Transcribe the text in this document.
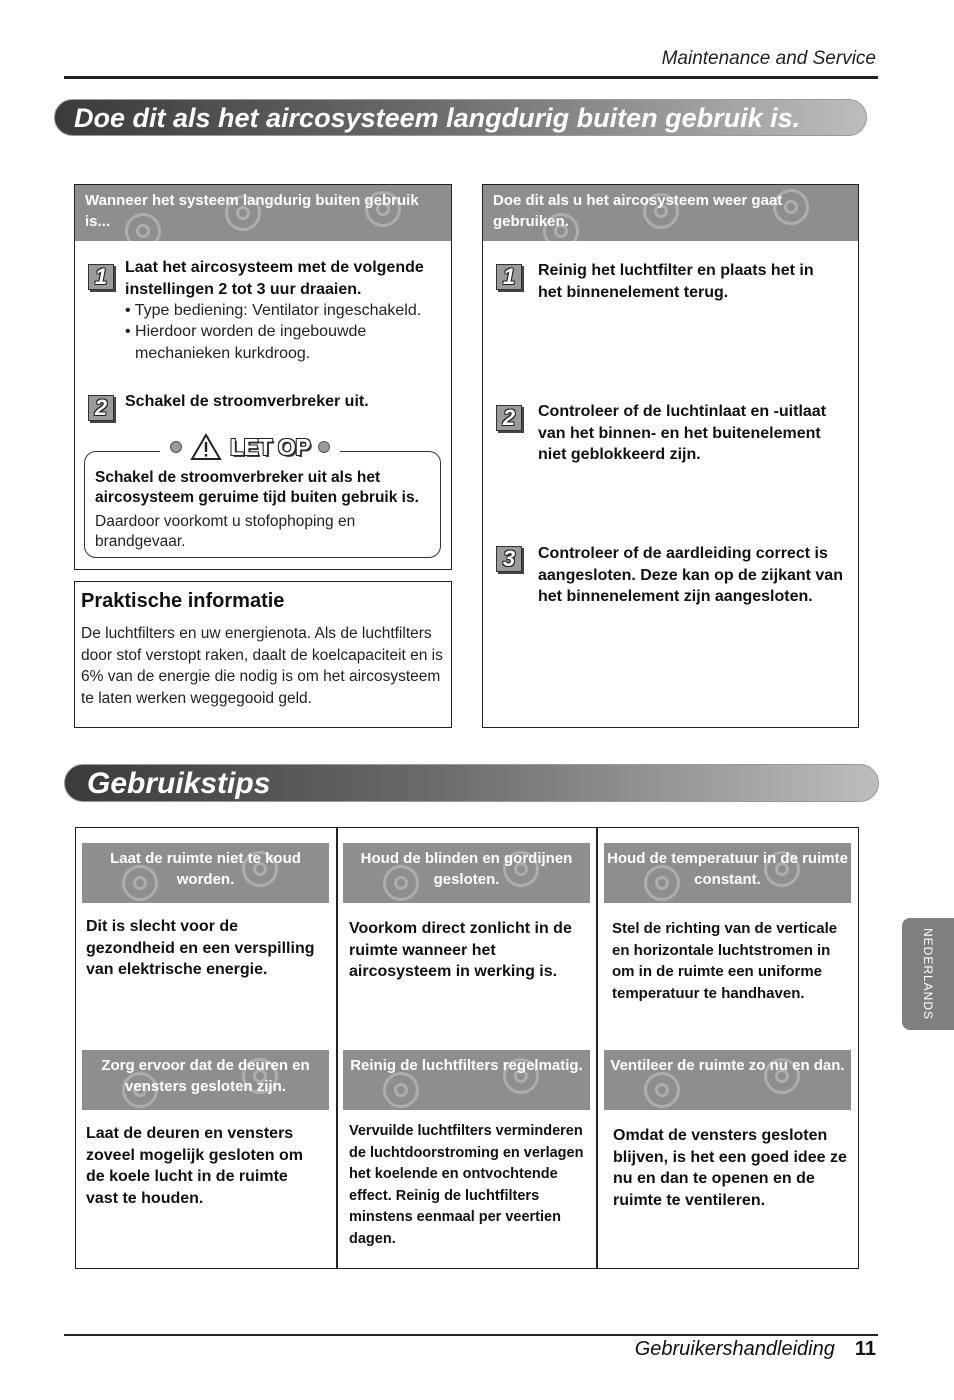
Maintenance and Service
Doe dit als het aircosysteem langdurig buiten gebruik is.
Wanneer het systeem langdurig buiten gebruik is...
1	Laat het aircosysteem met de volgende instellingen 2 tot 3 uur draaien.
• Type bediening: Ventilator ingeschakeld.
• Hierdoor worden de ingebouwde mechanieken kurkdroog.
2	Schakel de stroomverbreker uit.
LET OP
Schakel de stroomverbreker uit als het aircosysteem geruime tijd buiten gebruik is.
Daardoor voorkomt u stofophoping en brandgevaar.
Praktische informatie
De luchtfilters en uw energienota. Als de luchtfilters door stof verstopt raken, daalt de koelcapaciteit en is 6% van de energie die nodig is om het aircosysteem te laten werken weggegooid geld.
Doe dit als u het aircosysteem weer gaat gebruiken.
1	Reinig het luchtfilter en plaats het in het binnenelement terug.
2	Controleer of de luchtinlaat en -uitlaat van het binnen- en het buitenelement niet geblokkeerd zijn.
3	Controleer of de aardleiding correct is aangesloten. Deze kan op de zijkant van het binnenelement zijn aangesloten.
Gebruikstips
Laat de ruimte niet te koud worden.
Houd de blinden en gordijnen gesloten.
Houd de temperatuur in de ruimte constant.
Dit is slecht voor de gezondheid en een verspilling van elektrische energie.
Voorkom direct zonlicht in de ruimte wanneer het aircosysteem in werking is.
Stel de richting van de verticale en horizontale luchtstromen in om in de ruimte een uniforme temperatuur te handhaven.
Zorg ervoor dat de deuren en vensters gesloten zijn.
Reinig de luchtfilters regelmatig.	Ventileer de ruimte zo nu en dan.
Laat de deuren en vensters zoveel mogelijk gesloten om de koele lucht in de ruimte vast te houden.
Vervuilde luchtfilters verminderen de luchtdoorstroming en verlagen het koelende en ontvochtende effect. Reinig de luchtfilters minstens eenmaal per veertien dagen.
Omdat de vensters gesloten blijven, is het een goed idee ze nu en dan te openen en de ruimte te ventileren.
NEDERLANDS
Gebruikershandleiding 11
